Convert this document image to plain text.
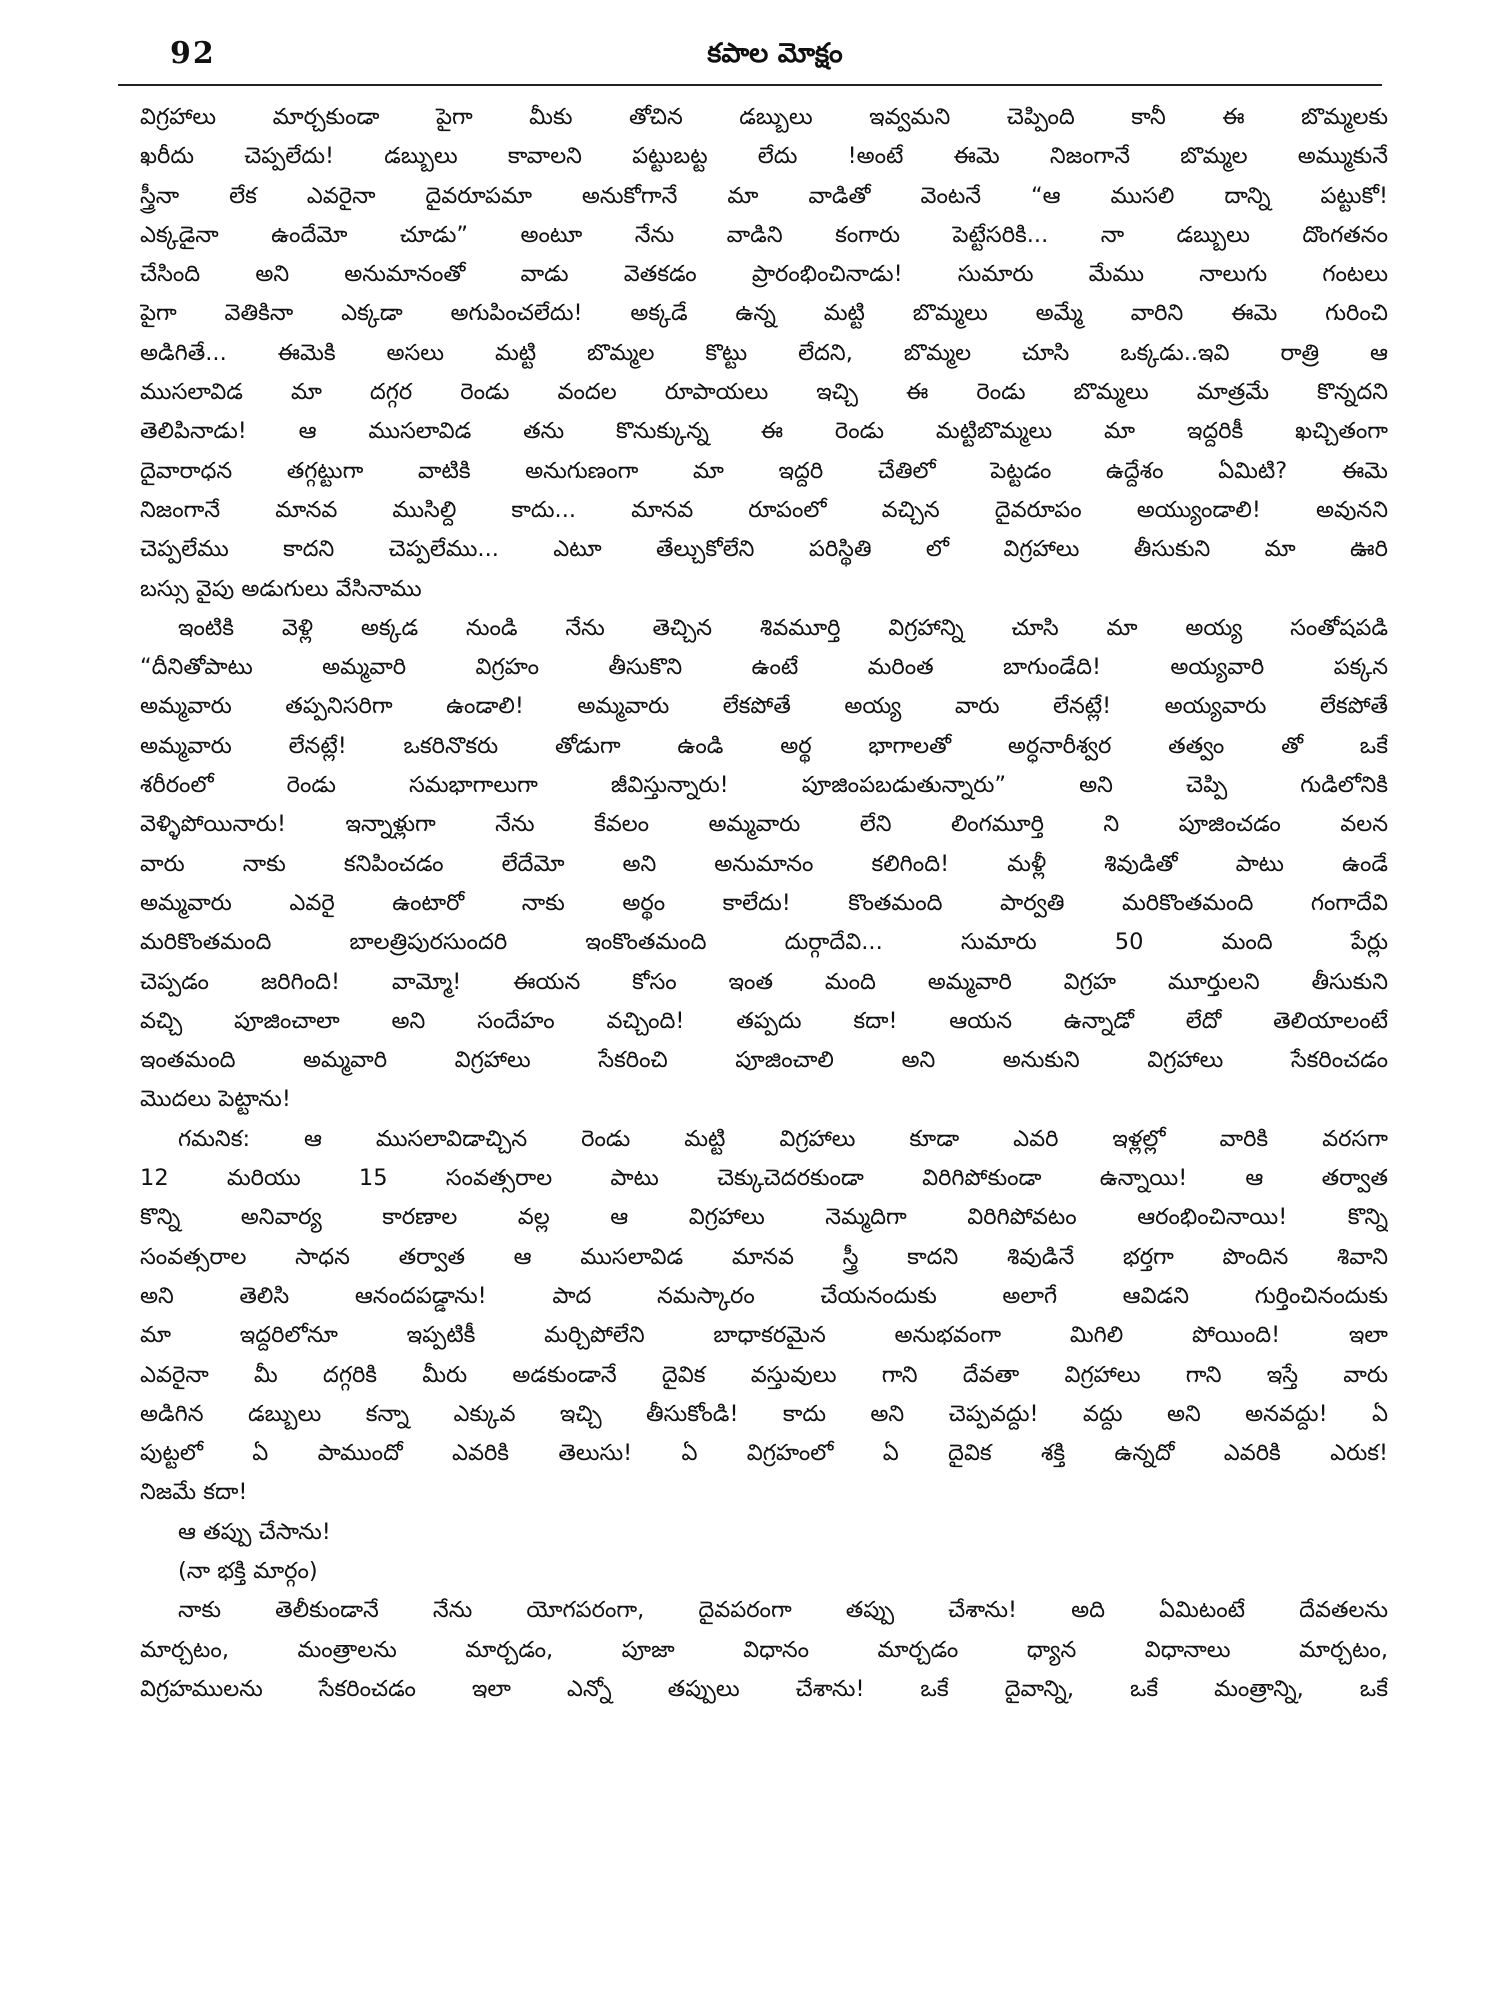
92	కపాల మోక్షం
విగ్రహాలు మార్చకుండా పైగా మీకు తోచిన డబ్బులు ఇవ్వమని చెప్పింది కానీ ఈ బొమ్మలకు
ఖరీదు చెప్పలేదు! డబ్బులు కావాలని పట్టుబట్ట లేదు !అంటే ఈమె నిజంగానే బొమ్మల అమ్ముకునే
స్త్రీనా లేక ఎవరైనా దైవరూపమా అనుకోగానే మా వాడితో వెంటనే “ఆ ముసలి దాన్ని పట్టుకో!
ఎక్కడైనా ఉందేమో చూడు” అంటూ నేను వాడిని కంగారు పెట్టేసరికి... నా డబ్బులు దొంగతనం
చేసింది అని అనుమానంతో వాడు వెతకడం ప్రారంభించినాడు! సుమారు మేము నాలుగు గంటలు
పైగా వెతికినా ఎక్కడా అగుపించలేదు! అక్కడే ఉన్న మట్టి బొమ్మలు అమ్మే వారిని ఈమె గురించి
అడిగితే... ఈమెకి అసలు మట్టి బొమ్మల కొట్టు లేదని, బొమ్మల చూసి ఒక్కడు..ఇవి రాత్రి ఆ
ముసలావిడ మా దగ్గర రెండు వందల రూపాయలు ఇచ్చి ఈ రెండు బొమ్మలు మాత్రమే కొన్నదని
తెలిపినాడు! ఆ ముసలావిడ తను కొనుక్కున్న ఈ రెండు మట్టిబొమ్మలు మా ఇద్దరికీ ఖచ్చితంగా
దైవారాధన తగ్గట్టుగా వాటికి అనుగుణంగా మా ఇద్దరి చేతిలో పెట్టడం ఉద్దేశం ఏమిటి? ఈమె
నిజంగానే మానవ ముసిల్ది కాదు... మానవ రూపంలో వచ్చిన దైవరూపం అయ్యుండాలి! అవునని
చెప్పలేము కాదని చెప్పలేము... ఎటూ తేల్చుకోలేని పరిస్థితి లో విగ్రహాలు తీసుకుని మా ఊరి
బస్సు వైపు అడుగులు వేసినాము
ఇంటికి వెళ్లి అక్కడ నుండి నేను తెచ్చిన శివమూర్తి విగ్రహాన్ని చూసి మా అయ్య సంతోషపడి
“దీనితోపాటు అమ్మవారి విగ్రహం తీసుకొని ఉంటే మరింత బాగుండేది! అయ్యవారి పక్కన
అమ్మవారు తప్పనిసరిగా ఉండాలి! అమ్మవారు లేకపోతే అయ్య వారు లేనట్లే! అయ్యవారు లేకపోతే
అమ్మవారు లేనట్లే! ఒకరినొకరు తోడుగా ఉండి అర్థ భాగాలతో అర్ధనారీశ్వర తత్వం తో ఒకే
శరీరంలో రెండు సమభాగాలుగా జీవిస్తున్నారు! పూజింపబడుతున్నారు” అని చెప్పి గుడిలోనికి
వెళ్ళిపోయినారు! ఇన్నాళ్లుగా నేను కేవలం అమ్మవారు లేని లింగమూర్తి ని పూజించడం వలన
వారు నాకు కనిపించడం లేదేమో అని అనుమానం కలిగింది! మళ్లీ శివుడితో పాటు ఉండే
అమ్మవారు ఎవరై ఉంటారో నాకు అర్థం కాలేదు! కొంతమంది పార్వతి మరికొంతమంది గంగాదేవి
మరికొంతమంది బాలత్రిపురసుందరి ఇంకొంతమంది దుర్గాదేవి... సుమారు 50 మంది పేర్లు
చెప్పడం జరిగింది! వామ్మో! ఈయన కోసం ఇంత మంది అమ్మవారి విగ్రహ మూర్తులని తీసుకుని
వచ్చి పూజించాలా అని సందేహం వచ్చింది! తప్పదు కదా! ఆయన ఉన్నాడో లేదో తెలియాలంటే
ఇంతమంది అమ్మవారి విగ్రహాలు సేకరించి పూజించాలి అని అనుకుని విగ్రహాలు సేకరించడం
మొదలు పెట్టాను!
గమనిక: ఆ ముసలావిడాచ్చిన రెండు మట్టి విగ్రహాలు కూడా ఎవరి ఇళ్లల్లో వారికి వరసగా
12 మరియు 15 సంవత్సరాల పాటు చెక్కుచెదరకుండా విరిగిపోకుండా ఉన్నాయి! ఆ తర్వాత
కొన్ని అనివార్య కారణాల వల్ల ఆ విగ్రహాలు నెమ్మదిగా విరిగిపోవటం ఆరంభించినాయి! కొన్ని
సంవత్సరాల సాధన తర్వాత ఆ ముసలావిడ మానవ స్త్రీ కాదని శివుడినే భర్తగా పొందిన శివాని
అని తెలిసి ఆనందపడ్డాను! పాద నమస్కారం చేయనందుకు అలాగే ఆవిడని గుర్తించినందుకు
మా ఇద్దరిలోనూ ఇప్పటికీ మర్చిపోలేని బాధాకరమైన అనుభవంగా మిగిలి పోయింది! ఇలా
ఎవరైనా మీ దగ్గరికి మీరు అడకుండానే దైవిక వస్తువులు గాని దేవతా విగ్రహాలు గాని ఇస్తే వారు
అడిగిన డబ్బులు కన్నా ఎక్కువ ఇచ్చి తీసుకోండి! కాదు అని చెప్పవద్దు! వద్దు అని అనవద్దు! ఏ
పుట్టలో ఏ పాముందో ఎవరికి తెలుసు! ఏ విగ్రహంలో ఏ దైవిక శక్తి ఉన్నదో ఎవరికి ఎరుక!
నిజమే కదా!
ఆ తప్పు చేసాను!
(నా భక్తి మార్గం)
నాకు తెలీకుండానే నేను యోగపరంగా, దైవపరంగా తప్పు చేశాను! అది ఏమిటంటే దేవతలను
మార్చటం, మంత్రాలను మార్చడం, పూజా విధానం మార్చడం ధ్యాన విధానాలు మార్చటం,
విగ్రహములను సేకరించడం ఇలా ఎన్నో తప్పులు చేశాను! ఒకే దైవాన్ని, ఒకే మంత్రాన్ని, ఒకే
